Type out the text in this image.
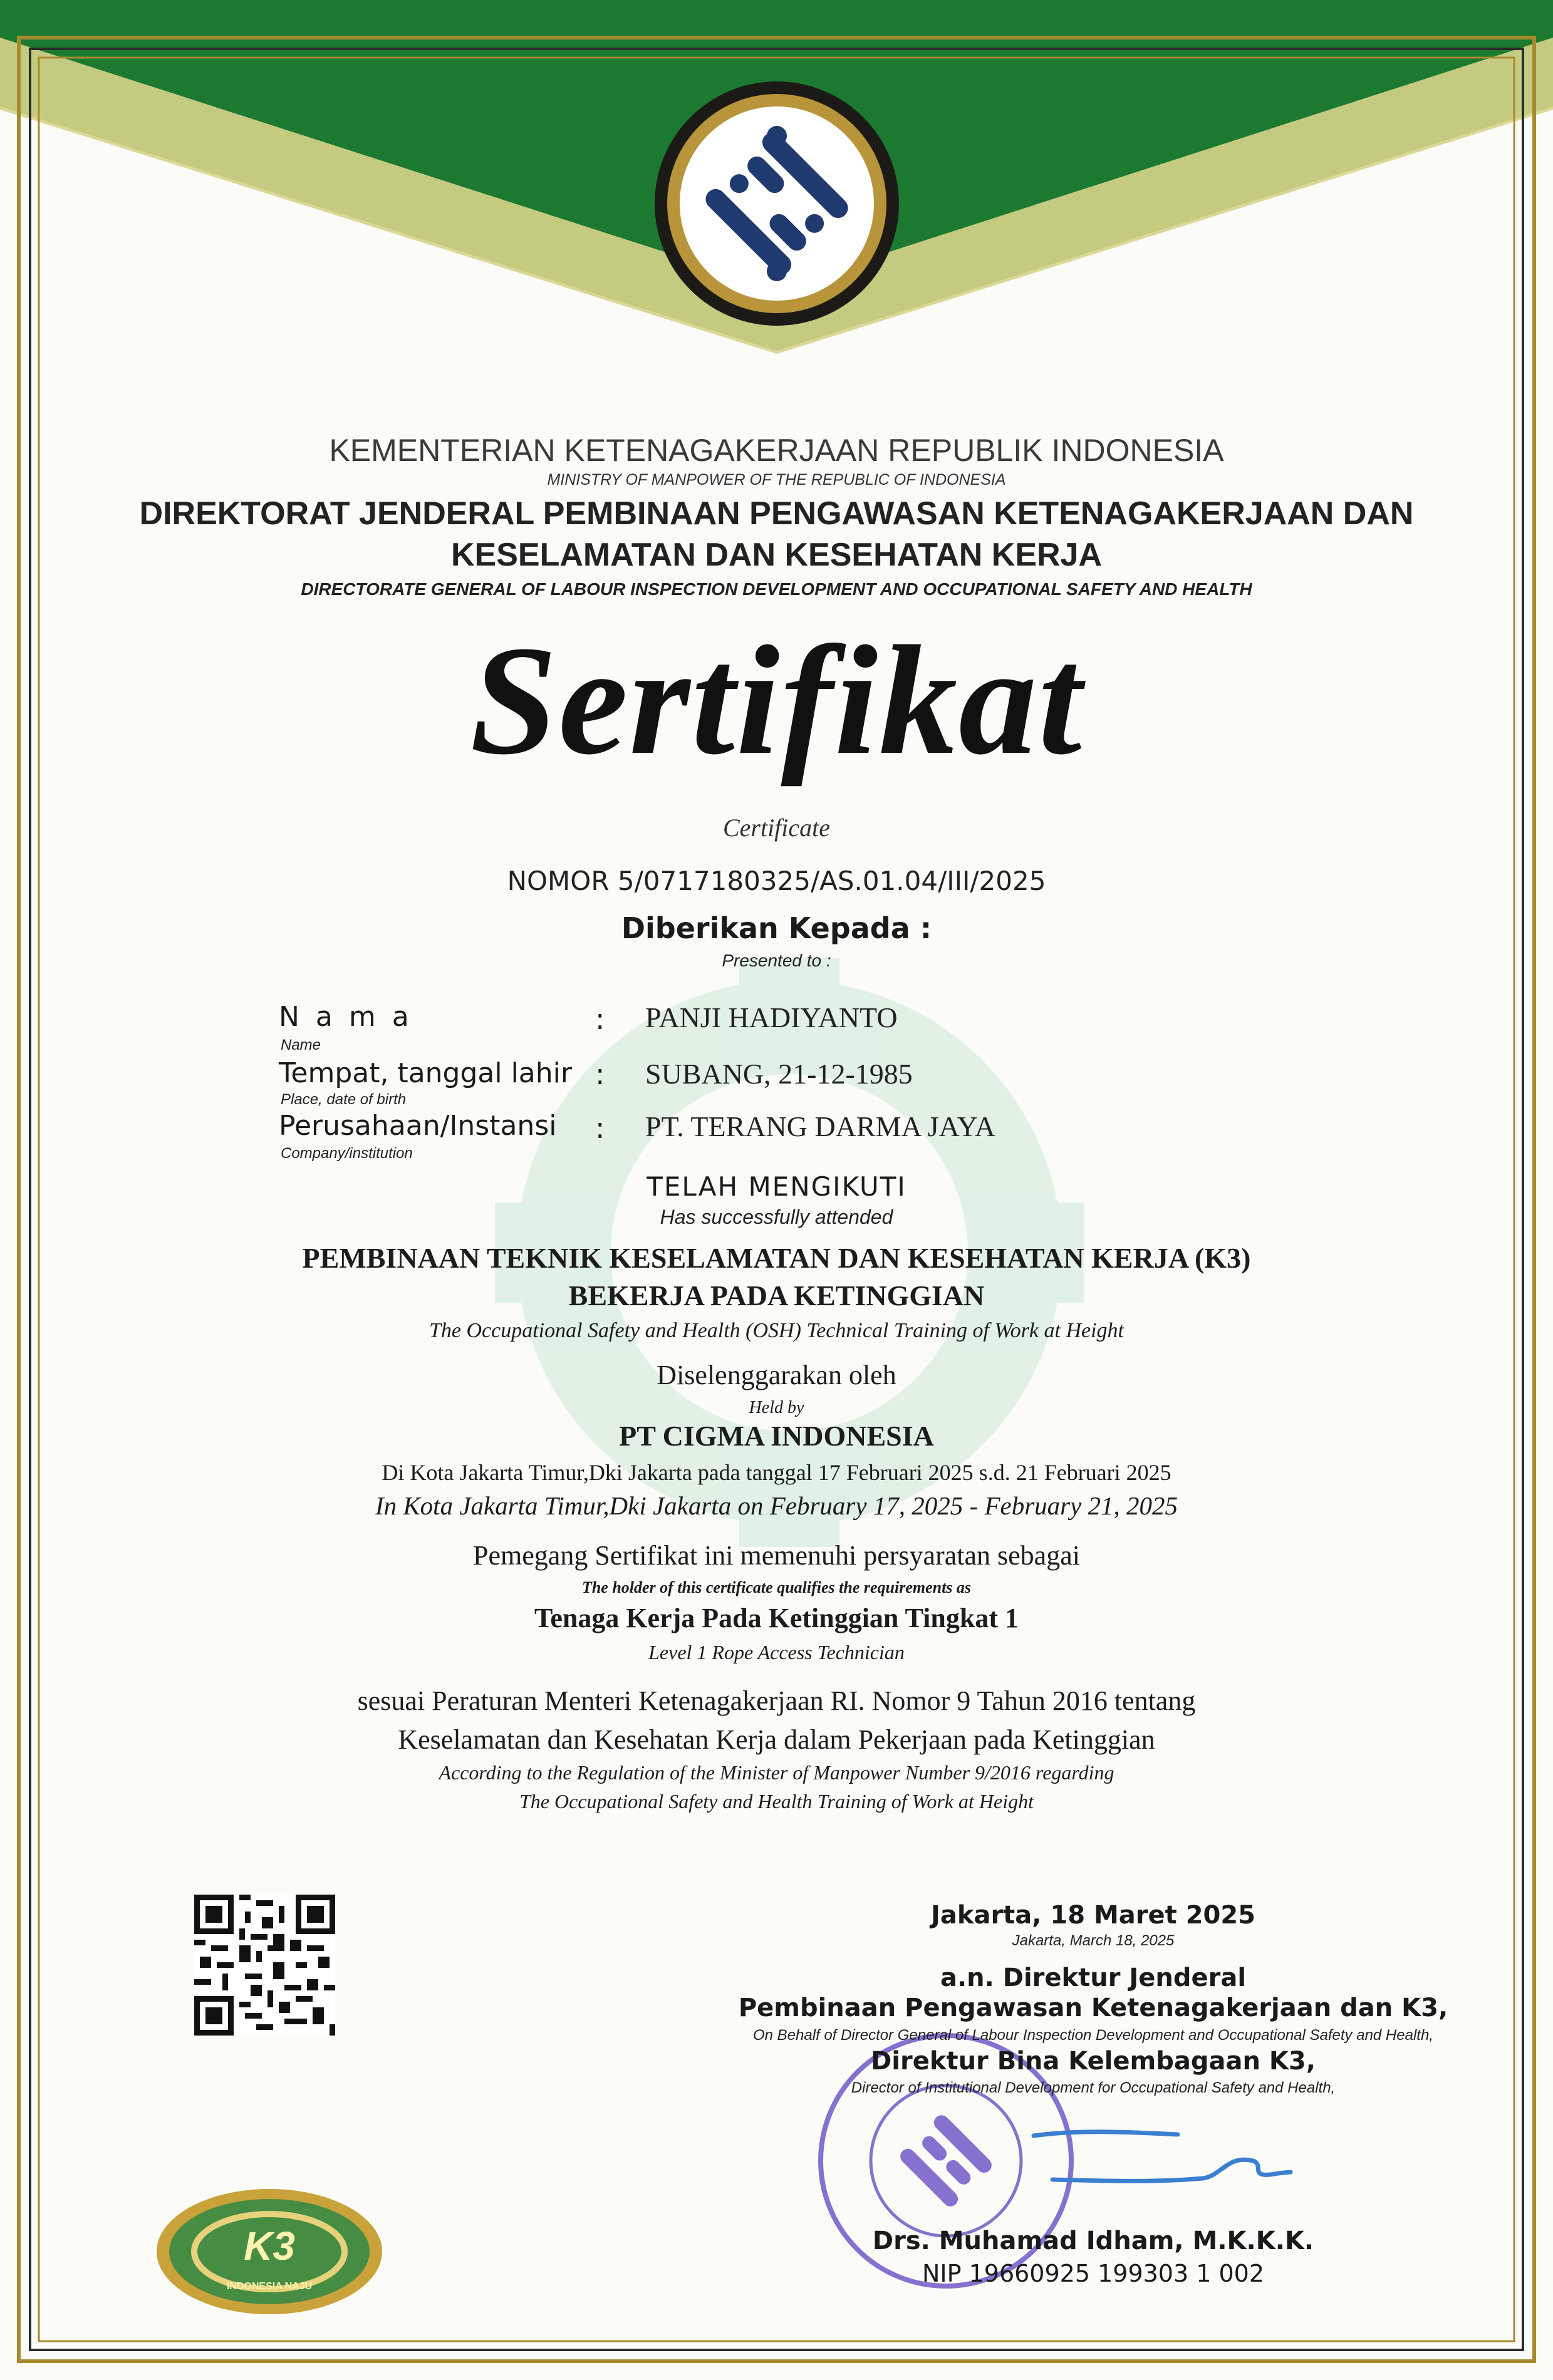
KEMENTERIAN KETENAGAKERJAAN REPUBLIK INDONESIA
MINISTRY OF MANPOWER OF THE REPUBLIC OF INDONESIA
DIREKTORAT JENDERAL PEMBINAAN PENGAWASAN KETENAGAKERJAAN DAN
KESELAMATAN DAN KESEHATAN KERJA
DIRECTORATE GENERAL OF LABOUR INSPECTION DEVELOPMENT AND OCCUPATIONAL SAFETY AND HEALTH
Sertifikat
Certificate
NOMOR 5/0717180325/AS.01.04/III/2025
Diberikan Kepada :
Presented to :
N a m a
Name
: PANJI HADIYANTO
Tempat, tanggal lahir
Place, date of birth
: SUBANG, 21-12-1985
Perusahaan/Instansi
Company/institution
: PT. TERANG DARMA JAYA
TELAH MENGIKUTI
Has successfully attended
PEMBINAAN TEKNIK KESELAMATAN DAN KESEHATAN KERJA (K3)
BEKERJA PADA KETINGGIAN
The Occupational Safety and Health (OSH) Technical Training of Work at Height
Diselenggarakan oleh
Held by
PT CIGMA INDONESIA
Di Kota Jakarta Timur,Dki Jakarta pada tanggal 17 Februari 2025 s.d. 21 Februari 2025
In Kota Jakarta Timur,Dki Jakarta on February 17, 2025 - February 21, 2025
Pemegang Sertifikat ini memenuhi persyaratan sebagai
The holder of this certificate qualifies the requirements as
Tenaga Kerja Pada Ketinggian Tingkat 1
Level 1 Rope Access Technician
sesuai Peraturan Menteri Ketenagakerjaan RI. Nomor 9 Tahun 2016 tentang
Keselamatan dan Kesehatan Kerja dalam Pekerjaan pada Ketinggian
According to the Regulation of the Minister of Manpower Number 9/2016 regarding
The Occupational Safety and Health Training of Work at Height
K3
INDONESIA NAJU
Jakarta, 18 Maret 2025
Jakarta, March 18, 2025
a.n. Direktur Jenderal
Pembinaan Pengawasan Ketenagakerjaan dan K3,
On Behalf of Director General of Labour Inspection Development and Occupational Safety and Health,
Direktur Bina Kelembagaan K3,
Director of Institutional Development for Occupational Safety and Health,
Drs. Muhamad Idham, M.K.K.K.
NIP 19660925 199303 1 002
